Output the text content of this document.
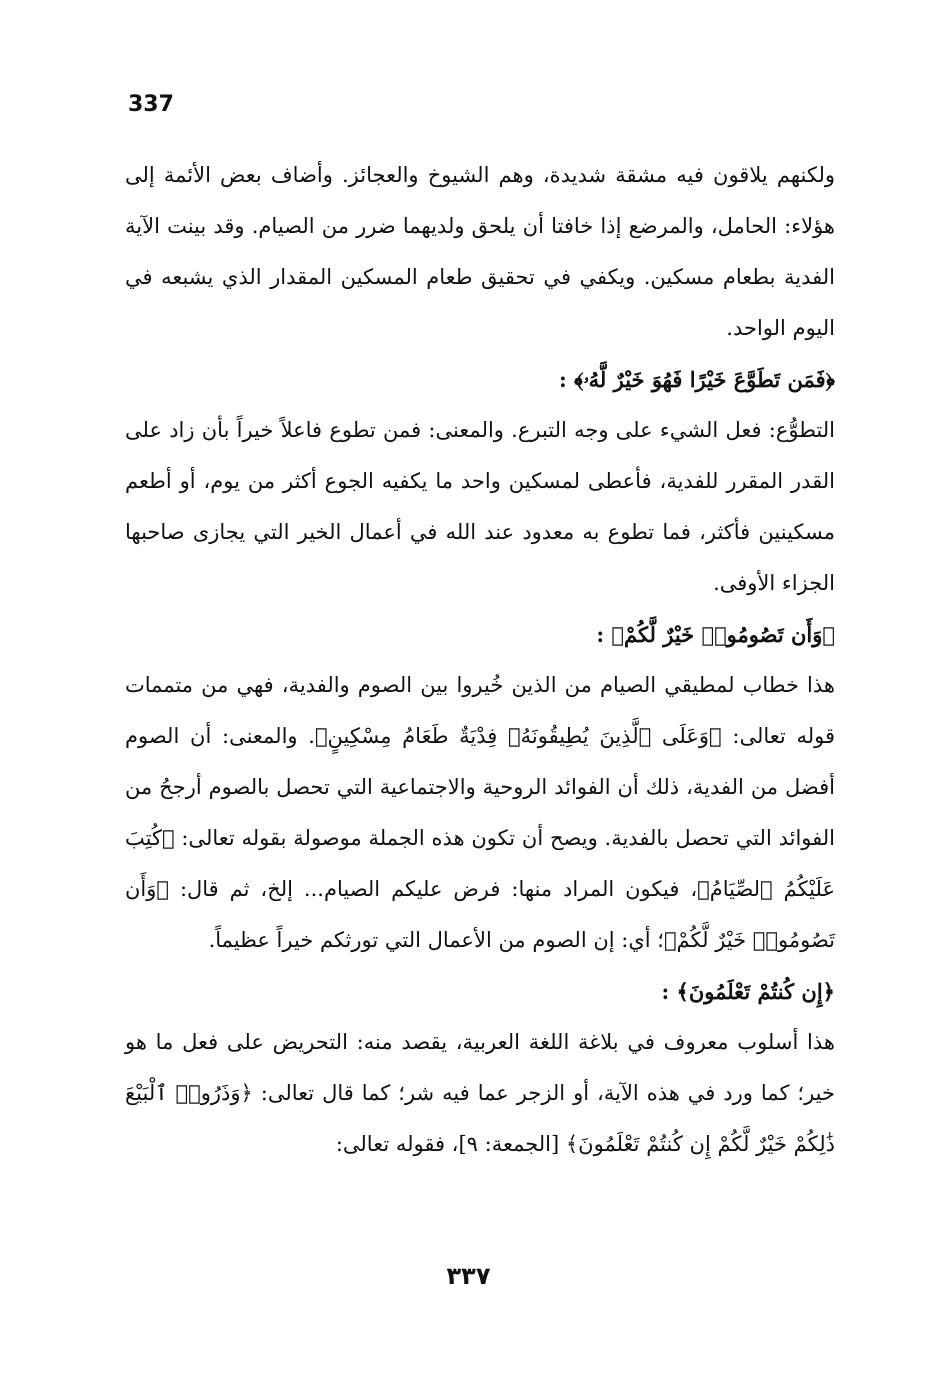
337

ولكنهم يلاقون فيه مشقة شديدة، وهم الشيوخ والعجائز. وأضاف بعض الأئمة إلى هؤلاء: الحامل، والمرضع إذا خافتا أن يلحق ولديهما ضرر من الصيام. وقد بينت الآية الفدية بطعام مسكين. ويكفي في تحقيق طعام المسكين المقدار الذي يشبعه في اليوم الواحد.

﴿فَمَن تَطَوَّعَ خَيْرًا فَهُوَ خَيْرٌ لَّهُۥ﴾ :

التطوُّع: فعل الشيء على وجه التبرع. والمعنى: فمن تطوع فاعلاً خيراً بأن زاد على القدر المقرر للفدية، فأعطى لمسكين واحد ما يكفيه الجوع أكثر من يوم، أو أطعم مسكينين فأكثر، فما تطوع به معدود عند الله في أعمال الخير التي يجازى صاحبها الجزاء الأوفى.

﴿وَأَن تَصُومُوا۟ خَيْرٌ لَّكُمْ﴾ :

هذا خطاب لمطيقي الصيام من الذين خُيروا بين الصوم والفدية، فهي من متممات قوله تعالى: ﴿وَعَلَى ٱلَّذِينَ يُطِيقُونَهُۥ فِدْيَةٌ طَعَامُ مِسْكِينٍ﴾. والمعنى: أن الصوم أفضل من الفدية، ذلك أن الفوائد الروحية والاجتماعية التي تحصل بالصوم أرجحُ من الفوائد التي تحصل بالفدية. ويصح أن تكون هذه الجملة موصولة بقوله تعالى: ﴿كُتِبَ عَلَيْكُمُ ٱلصِّيَامُ﴾، فيكون المراد منها: فرض عليكم الصيام... إلخ، ثم قال: ﴿وَأَن تَصُومُوا۟ خَيْرٌ لَّكُمْ﴾؛ أي: إن الصوم من الأعمال التي تورثكم خيراً عظيماً.

﴿إِن كُنتُمْ تَعْلَمُونَ﴾ :

هذا أسلوب معروف في بلاغة اللغة العربية، يقصد منه: التحريض على فعل ما هو خير؛ كما ورد في هذه الآية، أو الزجر عما فيه شر؛ كما قال تعالى: ﴿وَذَرُوا۟ ٱلْبَيْعَ ذَٰلِكُمْ خَيْرٌ لَّكُمْ إِن كُنتُمْ تَعْلَمُونَ﴾ [الجمعة: ٩]، فقوله تعالى:

٣٣٧
